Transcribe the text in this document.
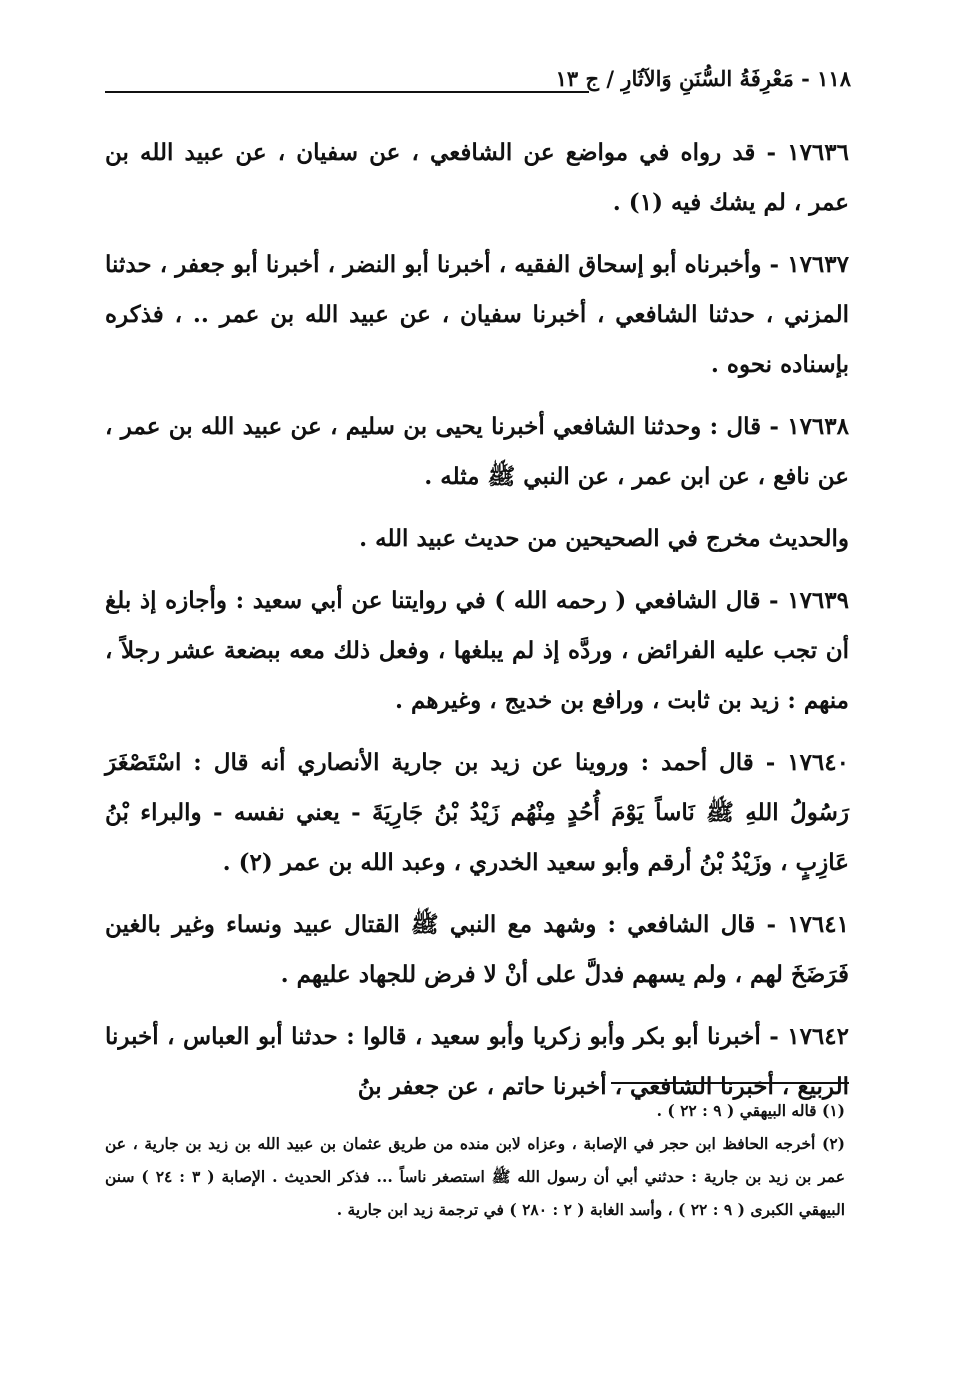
١١٨ - مَعْرِفَةُ السُّنَنِ وَالآثَارِ / ج ١٣

١٧٦٣٦ - قد رواه في مواضع عن الشافعي ، عن سفيان ، عن عبيد الله بن عمر ، لم يشك فيه (١) .

١٧٦٣٧ - وأخبرناه أبو إسحاق الفقيه ، أخبرنا أبو النضر ، أخبرنا أبو جعفر ، حدثنا المزني ، حدثنا الشافعي ، أخبرنا سفيان ، عن عبيد الله بن عمر .. ، فذكره بإسناده نحوه .

١٧٦٣٨ - قال : وحدثنا الشافعي أخبرنا يحيى بن سليم ، عن عبيد الله بن عمر ، عن نافع ، عن ابن عمر ، عن النبي ﷺ مثله .

والحديث مخرج في الصحيحين من حديث عبيد الله .

١٧٦٣٩ - قال الشافعي ( رحمه الله ) في روايتنا عن أبي سعيد : وأجازه إذ بلغ أن تجب عليه الفرائض ، وردَّه إذ لم يبلغها ، وفعل ذلك معه ببضعة عشر رجلاً ، منهم : زيد بن ثابت ، ورافع بن خديج ، وغيرهم .

١٧٦٤٠ - قال أحمد : وروينا عن زيد بن جارية الأنصاري أنه قال : اسْتَصْغَرَ رَسُولُ اللهِ ﷺ نَاساً يَوْمَ أُحُدٍ مِنْهُم زَيْدُ بْنُ جَارِيَةَ - يعني نفسه - والبراء بْنُ عَازِبٍ ، وزَيْدُ بْنُ أرقم وأبو سعيد الخدري ، وعبد الله بن عمر (٢) .

١٧٦٤١ - قال الشافعي : وشهد مع النبي ﷺ القتال عبيد ونساء وغير بالغين فَرَضَخَ لهم ، ولم يسهم فدلَّ على أنْ لا فرض للجهاد عليهم .

١٧٦٤٢ - أخبرنا أبو بكر وأبو زكريا وأبو سعيد ، قالوا : حدثنا أبو العباس ، أخبرنا الربيع ، أخبرنا الشافعي ، أخبرنا حاتم ، عن جعفر بنُ

(١) قاله البيهقي ( ٩ : ٢٢ ) .

(٢) أخرجه الحافظ ابن حجر في الإصابة ، وعزاه لابن منده من طريق عثمان بن عبيد الله بن زيد بن جارية ، عن عمر بن زيد بن جارية : حدثني أبي أن رسول الله ﷺ استصغر ناساً ... فذكر الحديث . الإصابة ( ٣ : ٢٤ ) سنن البيهقي الكبرى ( ٩ : ٢٢ ) ، وأسد الغابة ( ٢ : ٢٨٠ ) في ترجمة زيد ابن جارية .
